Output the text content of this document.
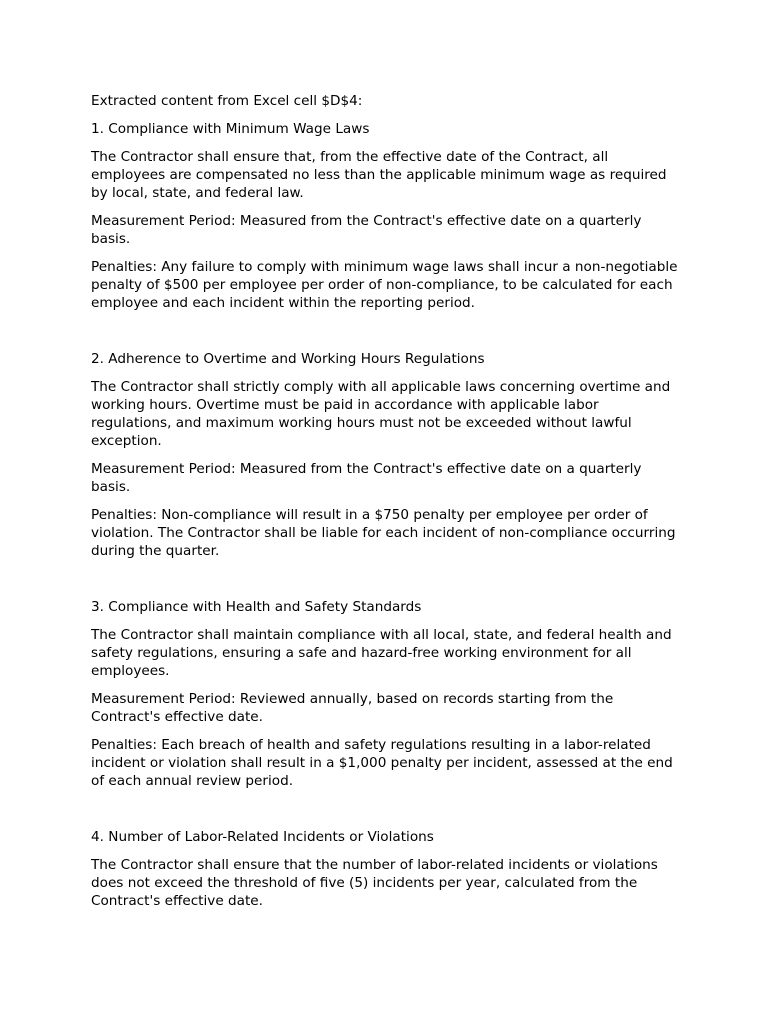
Extracted content from Excel cell $D$4:

1. Compliance with Minimum Wage Laws

The Contractor shall ensure that, from the effective date of the Contract, all employees are compensated no less than the applicable minimum wage as required by local, state, and federal law.

Measurement Period: Measured from the Contract's effective date on a quarterly basis.

Penalties: Any failure to comply with minimum wage laws shall incur a non-negotiable penalty of $500 per employee per order of non-compliance, to be calculated for each employee and each incident within the reporting period.

2. Adherence to Overtime and Working Hours Regulations

The Contractor shall strictly comply with all applicable laws concerning overtime and working hours. Overtime must be paid in accordance with applicable labor regulations, and maximum working hours must not be exceeded without lawful exception.

Measurement Period: Measured from the Contract's effective date on a quarterly basis.

Penalties: Non-compliance will result in a $750 penalty per employee per order of violation. The Contractor shall be liable for each incident of non-compliance occurring during the quarter.

3. Compliance with Health and Safety Standards

The Contractor shall maintain compliance with all local, state, and federal health and safety regulations, ensuring a safe and hazard-free working environment for all employees.

Measurement Period: Reviewed annually, based on records starting from the Contract's effective date.

Penalties: Each breach of health and safety regulations resulting in a labor-related incident or violation shall result in a $1,000 penalty per incident, assessed at the end of each annual review period.

4. Number of Labor-Related Incidents or Violations

The Contractor shall ensure that the number of labor-related incidents or violations does not exceed the threshold of five (5) incidents per year, calculated from the Contract's effective date.
